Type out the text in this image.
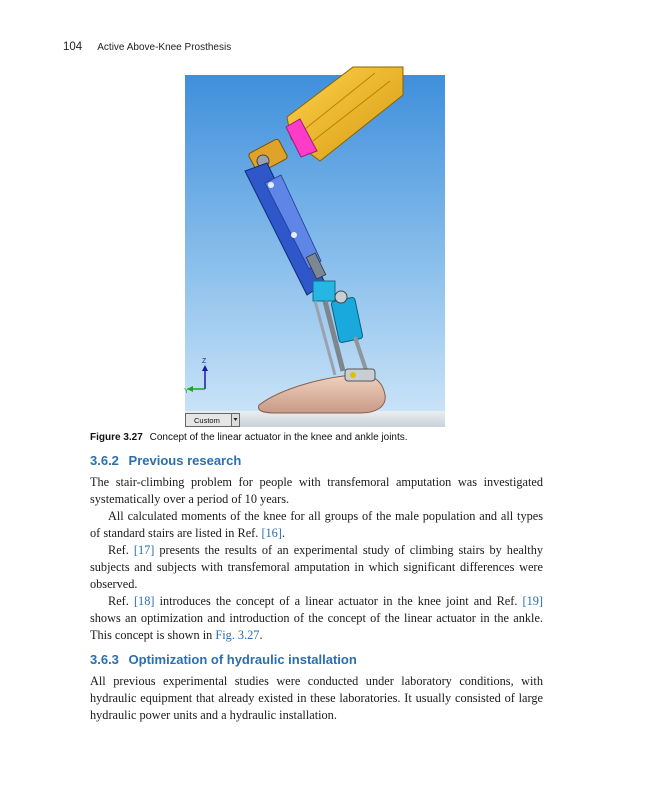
104 Active Above-Knee Prosthesis
Z
Y
Custom
Figure 3.27 Concept of the linear actuator in the knee and ankle joints.
3.6.2 Previous research

The stair-climbing problem for people with transfemoral amputation was investigated systematically over a period of 10 years.

All calculated moments of the knee for all groups of the male population and all types of standard stairs are listed in Ref. [16].

Ref. [17] presents the results of an experimental study of climbing stairs by healthy subjects and subjects with transfemoral amputation in which significant differences were observed.

Ref. [18] introduces the concept of a linear actuator in the knee joint and Ref. [19] shows an optimization and introduction of the concept of the linear actuator in the ankle. This concept is shown in Fig. 3.27.

3.6.3 Optimization of hydraulic installation

All previous experimental studies were conducted under laboratory conditions, with hydraulic equipment that already existed in these laboratories. It usually consisted of large hydraulic power units and a hydraulic installation.
